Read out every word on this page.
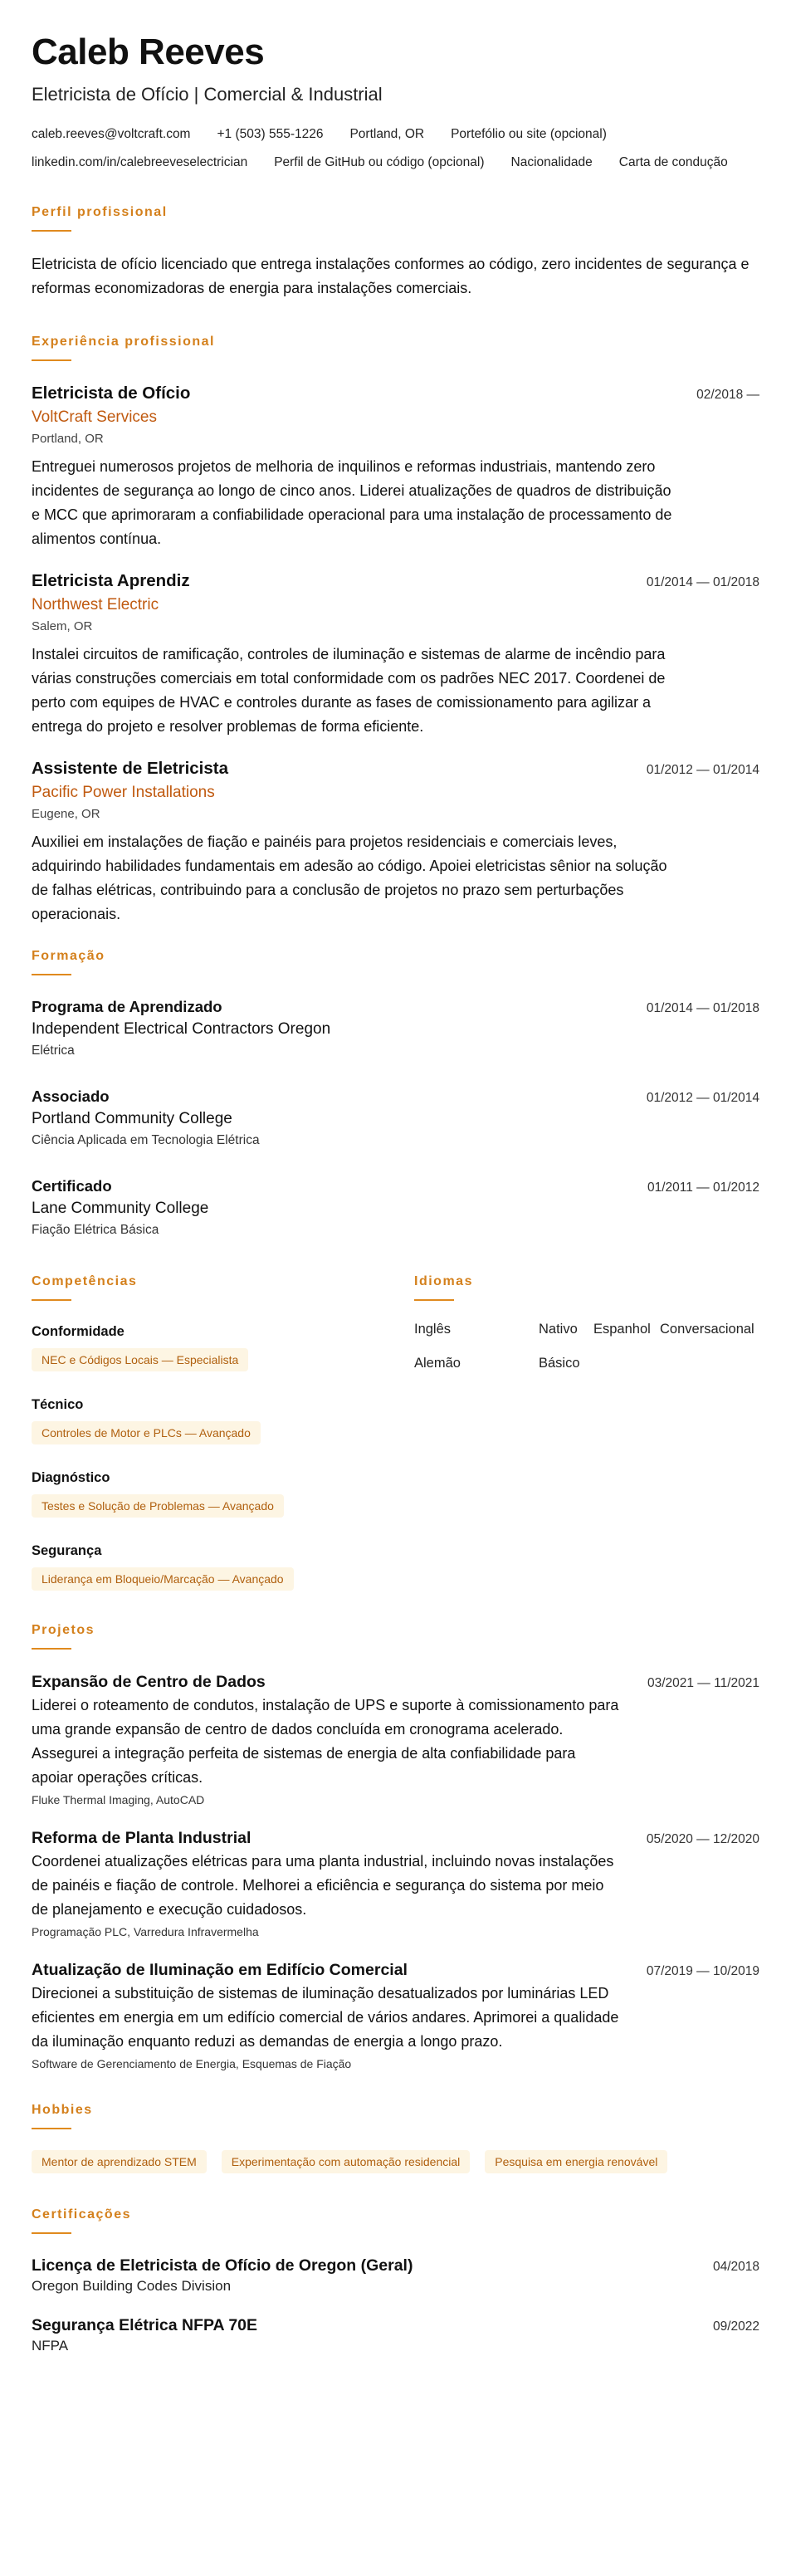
Caleb Reeves
Eletricista de Ofício | Comercial & Industrial
caleb.reeves@voltcraft.com +1 (503) 555-1226 Portland, OR Portefólio ou site (opcional)
linkedin.com/in/calebreeveselectrician Perfil de GitHub ou código (opcional) Nacionalidade Carta de condução
Perfil profissional

Eletricista de ofício licenciado que entrega instalações conformes ao código, zero incidentes de segurança e reformas economizadoras de energia para instalações comerciais.

Experiência profissional
Eletricista de Ofício	02/2018 —
VoltCraft Services
Portland, OR
Entreguei numerosos projetos de melhoria de inquilinos e reformas industriais, mantendo zero incidentes de segurança ao longo de cinco anos. Liderei atualizações de quadros de distribuição e MCC que aprimoraram a confiabilidade operacional para uma instalação de processamento de alimentos contínua.
Eletricista Aprendiz	01/2014 — 01/2018
Northwest Electric
Salem, OR
Instalei circuitos de ramificação, controles de iluminação e sistemas de alarme de incêndio para várias construções comerciais em total conformidade com os padrões NEC 2017. Coordenei de perto com equipes de HVAC e controles durante as fases de comissionamento para agilizar a entrega do projeto e resolver problemas de forma eficiente.
Assistente de Eletricista	01/2012 — 01/2014
Pacific Power Installations
Eugene, OR
Auxiliei em instalações de fiação e painéis para projetos residenciais e comerciais leves, adquirindo habilidades fundamentais em adesão ao código. Apoiei eletricistas sênior na solução de falhas elétricas, contribuindo para a conclusão de projetos no prazo sem perturbações operacionais.
Formação
Programa de Aprendizado	01/2014 — 01/2018
Independent Electrical Contractors Oregon
Elétrica
Associado	01/2012 — 01/2014
Portland Community College
Ciência Aplicada em Tecnologia Elétrica
Certificado	01/2011 — 01/2012
Lane Community College
Fiação Elétrica Básica
Competências
Conformidade
NEC e Códigos Locais — Especialista
Técnico
Controles de Motor e PLCs — Avançado
Diagnóstico
Testes e Solução de Problemas — Avançado
Segurança
Liderança em Bloqueio/Marcação — Avançado
Idiomas
Inglês	Nativo	Espanhol Conversacional
Alemão	Básico
Projetos
Expansão de Centro de Dados	03/2021 — 11/2021
Liderei o roteamento de condutos, instalação de UPS e suporte à comissionamento para uma grande expansão de centro de dados concluída em cronograma acelerado. Assegurei a integração perfeita de sistemas de energia de alta confiabilidade para apoiar operações críticas.
Fluke Thermal Imaging, AutoCAD
Reforma de Planta Industrial	05/2020 — 12/2020
Coordenei atualizações elétricas para uma planta industrial, incluindo novas instalações de painéis e fiação de controle. Melhorei a eficiência e segurança do sistema por meio de planejamento e execução cuidadosos.
Programação PLC, Varredura Infravermelha
Atualização de Iluminação em Edifício Comercial	07/2019 — 10/2019
Direcionei a substituição de sistemas de iluminação desatualizados por luminárias LED eficientes em energia em um edifício comercial de vários andares. Aprimorei a qualidade da iluminação enquanto reduzi as demandas de energia a longo prazo.
Software de Gerenciamento de Energia, Esquemas de Fiação
Hobbies
Mentor de aprendizado STEM	Experimentação com automação residencial	Pesquisa em energia renovável
Certificações
Licença de Eletricista de Ofício de Oregon (Geral)	04/2018
Oregon Building Codes Division
Segurança Elétrica NFPA 70E	09/2022
NFPA
